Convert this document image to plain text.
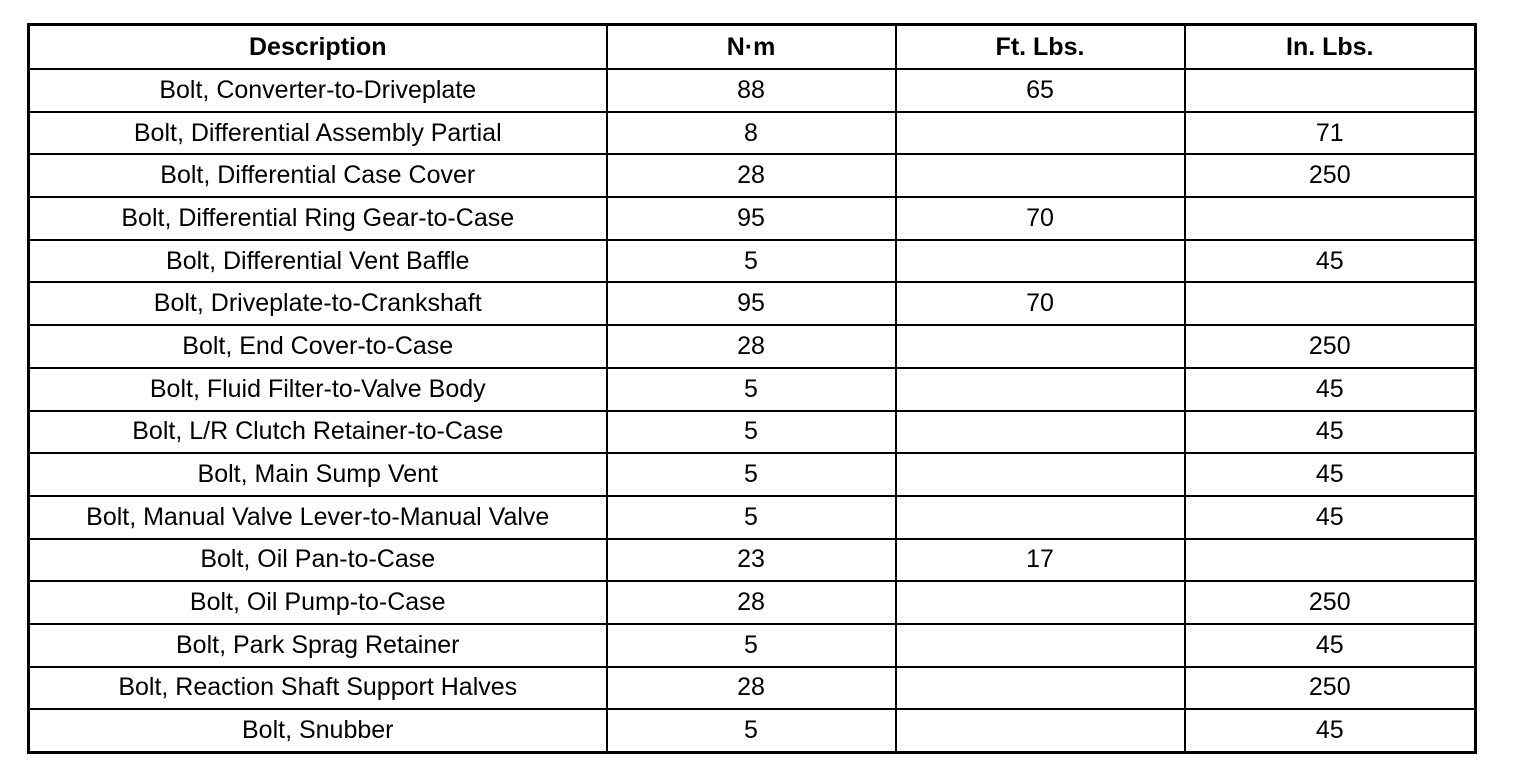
Description	N·m	Ft. Lbs.	In. Lbs.
Bolt, Converter-to-Driveplate	88	65	
Bolt, Differential Assembly Partial	8		71
Bolt, Differential Case Cover	28		250
Bolt, Differential Ring Gear-to-Case	95	70	
Bolt, Differential Vent Baffle	5		45
Bolt, Driveplate-to-Crankshaft	95	70	
Bolt, End Cover-to-Case	28		250
Bolt, Fluid Filter-to-Valve Body	5		45
Bolt, L/R Clutch Retainer-to-Case	5		45
Bolt, Main Sump Vent	5		45
Bolt, Manual Valve Lever-to-Manual Valve	5		45
Bolt, Oil Pan-to-Case	23	17	
Bolt, Oil Pump-to-Case	28		250
Bolt, Park Sprag Retainer	5		45
Bolt, Reaction Shaft Support Halves	28		250
Bolt, Snubber	5		45
